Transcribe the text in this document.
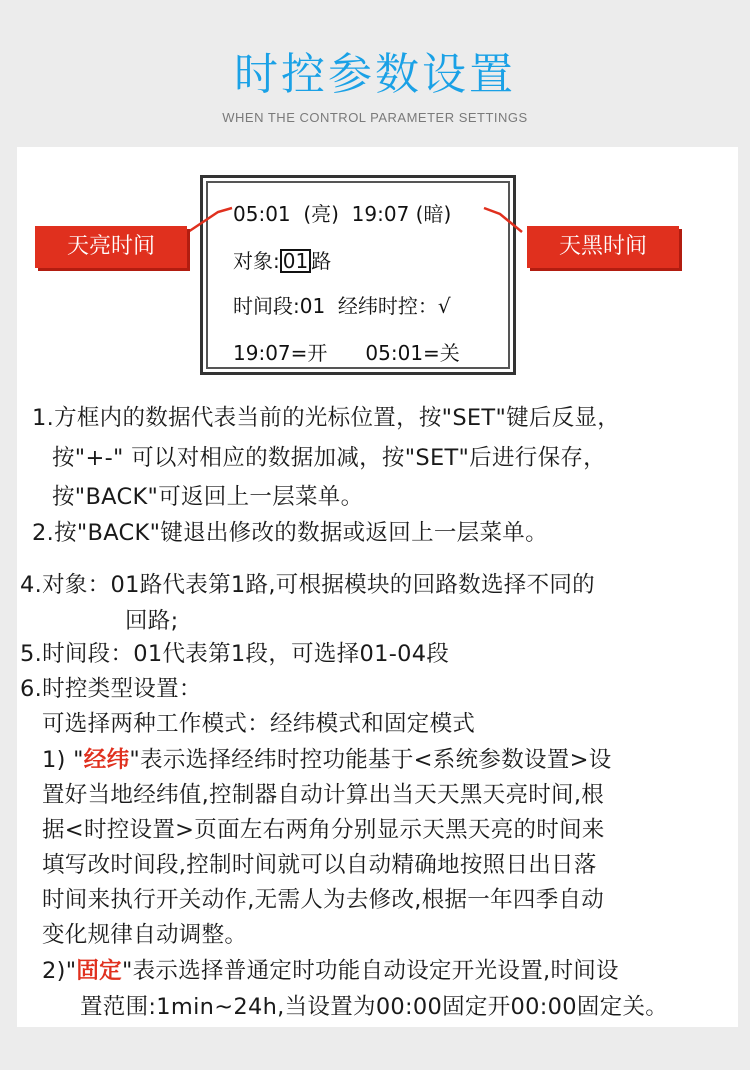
时控参数设置
WHEN THE CONTROL PARAMETER SETTINGS
05:01  (亮)  19:07 (暗)
对象: 01 路
时间段:01  经纬时控：√
19:07=开 05:01=关
天亮时间	天黑时间
1.方框内的数据代表当前的光标位置，按"SET"键后反显，
按"+-" 可以对相应的数据加减，按"SET"后进行保存，
按"BACK"可返回上一层菜单。
2.按"BACK"键退出修改的数据或返回上一层菜单。
4.对象：01路代表第1路,可根据模块的回路数选择不同的
回路;
5.时间段：01代表第1段，可选择01-04段
6.时控类型设置：
可选择两种工作模式：经纬模式和固定模式
1) "经纬"表示选择经纬时控功能基于<系统参数设置>设
置好当地经纬值,控制器自动计算出当天天黑天亮时间,根
据<时控设置>页面左右两角分别显示天黑天亮的时间来
填写改时间段,控制时间就可以自动精确地按照日出日落
时间来执行开关动作,无需人为去修改,根据一年四季自动
变化规律自动调整。
2)"固定"表示选择普通定时功能自动设定开光设置,时间设
置范围:1min~24h,当设置为00:00固定开00:00固定关。
